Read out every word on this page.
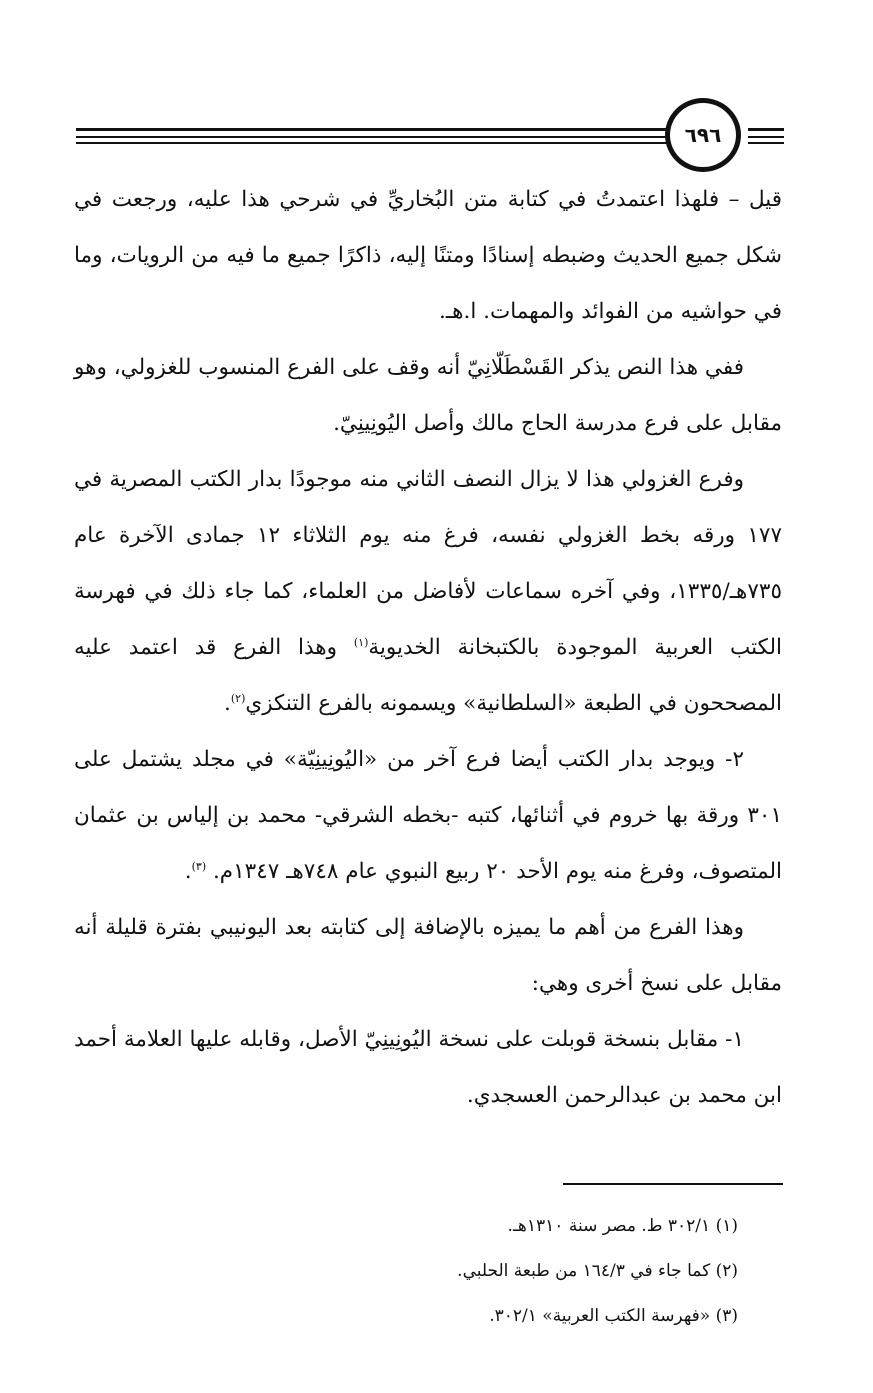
٦٩٦

قيل – فلهذا اعتمدتُ في كتابة متن البُخاريِّ في شرحي هذا عليه، ورجعت في شكل جميع الحديث وضبطه إسنادًا ومتنًا إليه، ذاكرًا جميع ما فيه من الرويات، وما في حواشيه من الفوائد والمهمات. ا.هـ.

ففي هذا النص يذكر القَسْطَلّانِيّ أنه وقف على الفرع المنسوب للغزولي، وهو مقابل على فرع مدرسة الحاج مالك وأصل اليُونِينِيّ.

وفرع الغزولي هذا لا يزال النصف الثاني منه موجودًا بدار الكتب المصرية في ١٧٧ ورقه بخط الغزولي نفسه، فرغ منه يوم الثلاثاء ١٢ جمادى الآخرة عام ٧٣٥هـ/١٣٣٥، وفي آخره سماعات لأفاضل من العلماء، كما جاء ذلك في فهرسة الكتب العربية الموجودة بالكتبخانة الخديوية$^{(١)}$ وهذا الفرع قد اعتمد عليه المصححون في الطبعة «السلطانية» ويسمونه بالفرع التنكزي$^{(٢)}$.

٢- ويوجد بدار الكتب أيضا فرع آخر من «اليُونِينِيّة» في مجلد يشتمل على ٣٠١ ورقة بها خروم في أثنائها، كتبه -بخطه الشرقي- محمد بن إلياس بن عثمان المتصوف، وفرغ منه يوم الأحد ٢٠ ربيع النبوي عام ٧٤٨هـ ١٣٤٧م. $^{(٣)}$.

وهذا الفرع من أهم ما يميزه بالإضافة إلى كتابته بعد اليونيبي بفترة قليلة أنه مقابل على نسخ أخرى وهي:

١- مقابل بنسخة قوبلت على نسخة اليُونِينِيّ الأصل، وقابله عليها العلامة أحمد ابن محمد بن عبدالرحمن العسجدي.

(١) ٣٠٢/١ ط. مصر سنة ١٣١٠هـ.

(٢) كما جاء في ١٦٤/٣ من طبعة الحلبي.

(٣) «فهرسة الكتب العربية» ٣٠٢/١.
